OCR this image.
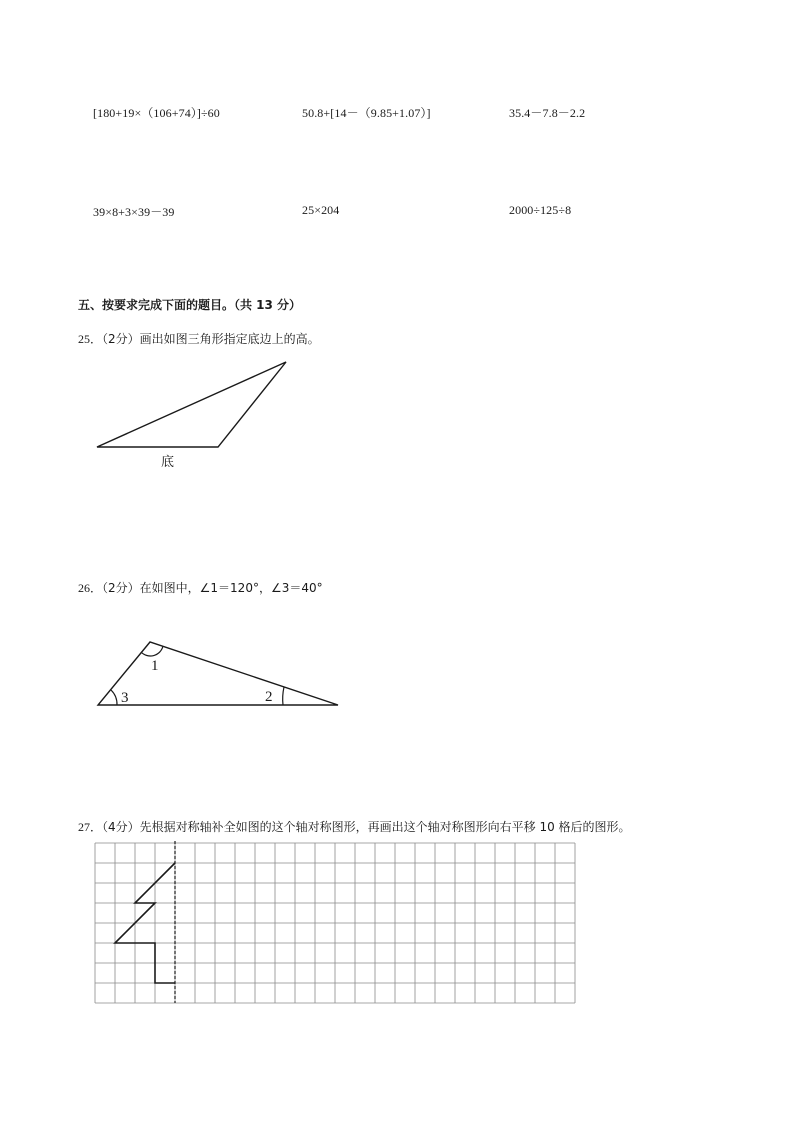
[180+19×（106+74）]÷60	50.8+[14－（9.85+1.07）]	35.4－7.8－2.2
39×8+3×39－39	25×204	2000÷125÷8
五、按要求完成下面的题目。（共 13 分）
25．（2分）画出如图三角形指定底边上的高。
26．（2分）在如图中，∠1＝120°，∠3＝40°
27．（4分）先根据对称轴补全如图的这个轴对称图形，再画出这个轴对称图形向右平移 10 格后的图形。
底
1
2
3
